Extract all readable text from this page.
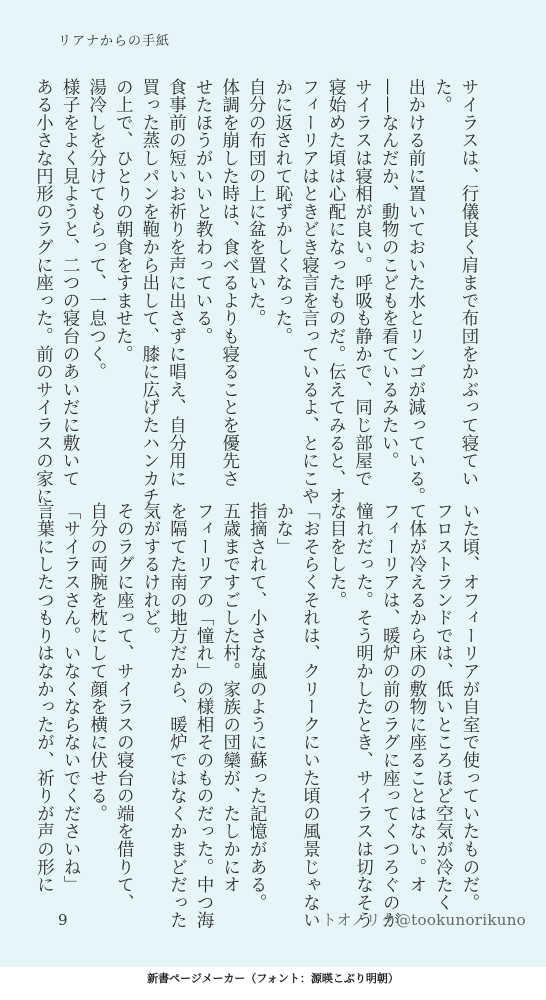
リアナからの手紙

サイラスは、行儀良く肩まで布団をかぶって寝てい

た。

出かける前に置いておいた水とリンゴが減っている。

——なんだか、動物のこどもを看ているみたい。

サイラスは寝相が良い。呼吸も静かで、同じ部屋で

寝始めた頃は心配になったものだ。伝えてみると、オ

フィーリアはときどき寝言を言っているよ、とにこや

かに返されて恥ずかしくなった。

自分の布団の上に盆を置いた。

体調を崩した時は、食べるよりも寝ることを優先さ

せたほうがいいと教わっている。

食事前の短いお祈りを声に出さずに唱え、自分用に

買った蒸しパンを鞄から出して、膝に広げたハンカチ

の上で、ひとりの朝食をすませた。

湯冷しを分けてもらって、一息つく。

様子をよく見ようと、二つの寝台のあいだに敷いて

ある小さな円形のラグに座った。前のサイラスの家に

いた頃、オフィーリアが自室で使っていたものだ。

フロストランドでは、低いところほど空気が冷たく

て体が冷えるから床の敷物に座ることはない。オ

フィーリアは、暖炉の前のラグに座ってくつろぐのが

憧れだった。そう明かしたとき、サイラスは切なそう

な目をした。

「おそらくそれは、クリークにいた頃の風景じゃない

かな」

指摘されて、小さな嵐のように蘇った記憶がある。

五歳まですごした村。家族の団欒が、たしかにオ

フィーリアの「憧れ」の様相そのものだった。中つ海

を隔てた南の地方だから、暖炉ではなくかまどだった

気がするけれど。

そのラグに座って、サイラスの寝台の端を借りて、

自分の両腕を枕にして顔を横に伏せる。

「サイラスさん。いなくならないでくださいね」

言葉にしたつもりはなかったが、祈りが声の形に

9	トオノリク@tookunorikuno
新書ページメーカー（フォント：源暎こぶり明朝）
